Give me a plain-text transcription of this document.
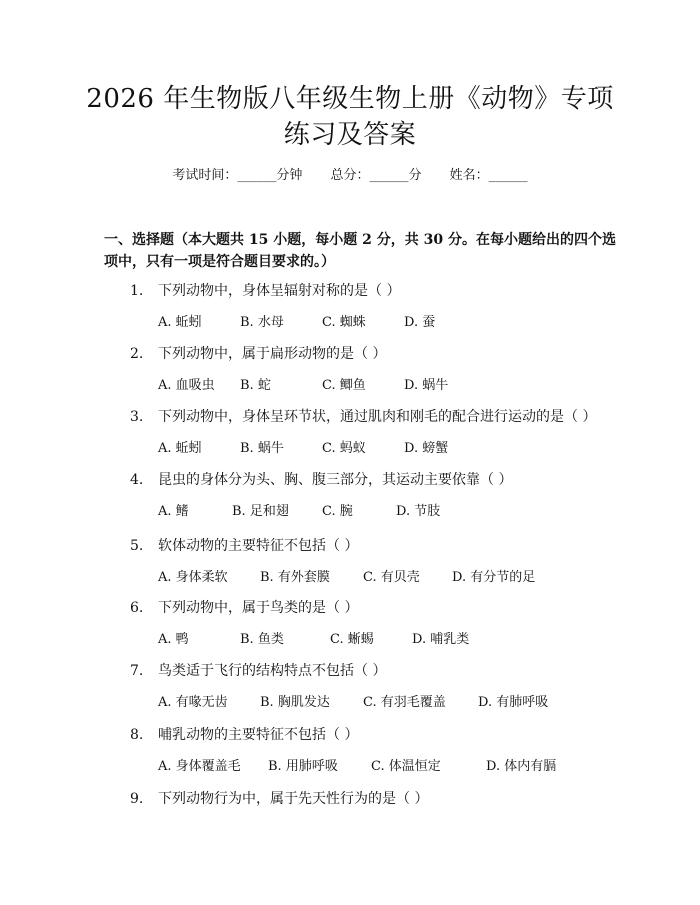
2026 年生物版八年级生物上册《动物》专项
练习及答案
考试时间：______分钟 总分：______分 姓名：______
一、选择题（本大题共 15 小题，每小题 2 分，共 30 分。在每小题给出的四个选
项中，只有一项是符合题目要求的。）
1. 下列动物中，身体呈辐射对称的是（ ）
A. 蚯蚓	B. 水母	C. 蜘蛛	D. 蚕
2. 下列动物中，属于扁形动物的是（ ）
A. 血吸虫 B. 蛇	C. 鲫鱼	D. 蜗牛
3. 下列动物中，身体呈环节状，通过肌肉和刚毛的配合进行运动的是（ ）
A. 蚯蚓	B. 蜗牛	C. 蚂蚁	D. 螃蟹
4. 昆虫的身体分为头、胸、腹三部分，其运动主要依靠（ ）
A. 鳍	B. 足和翅	C. 腕	D. 节肢
5. 软体动物的主要特征不包括（ ）
A. 身体柔软 B. 有外套膜	C. 有贝壳 D. 有分节的足
6. 下列动物中，属于鸟类的是（ ）
A. 鸭	B. 鱼类	C. 蜥蜴	D. 哺乳类
7. 鸟类适于飞行的结构特点不包括（ ）
A. 有喙无齿 B. 胸肌发达	C. 有羽毛覆盖 D. 有肺呼吸
8. 哺乳动物的主要特征不包括（ ）
A. 身体覆盖毛 B. 用肺呼吸	C. 体温恒定	D. 体内有膈
9. 下列动物行为中，属于先天性行为的是（ ）
